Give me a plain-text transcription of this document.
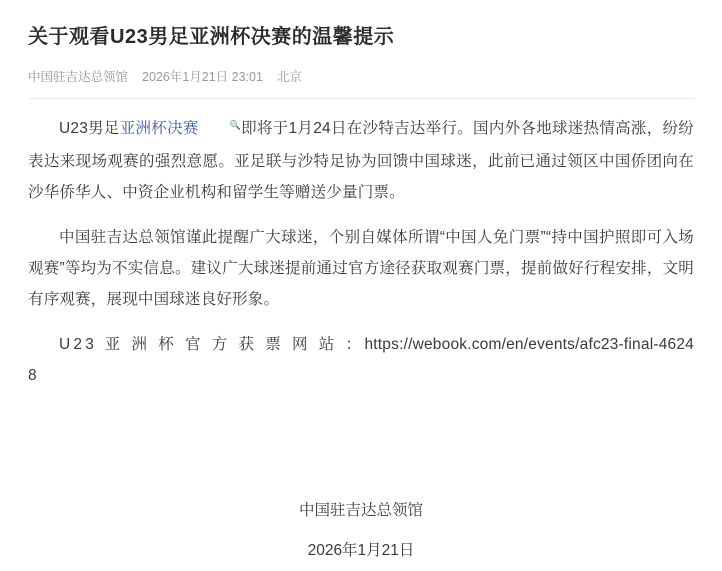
关于观看U23男足亚洲杯决赛的温馨提示
中国驻吉达总领馆 2026年1月21日 23:01 北京

U23男足亚洲杯决赛	🔍即将于1月24日在沙特吉达举行。国内外各地球迷热情高涨，纷纷表达来现场观赛的强烈意愿。亚足联与沙特足协为回馈中国球迷，此前已通过领区中国侨团向在沙华侨华人、中资企业机构和留学生等赠送少量门票。

中国驻吉达总领馆谨此提醒广大球迷，个别自媒体所谓“中国人免门票”“持中国护照即可入场观赛”等均为不实信息。建议广大球迷提前通过官方途径获取观赛门票，提前做好行程安排，文明有序观赛，展现中国球迷良好形象。

U23 亚 洲 杯 官 方 获 票 网 站 ：https://webook.com/en/events/afc23-final-46248

中国驻吉达总领馆
2026年1月21日
